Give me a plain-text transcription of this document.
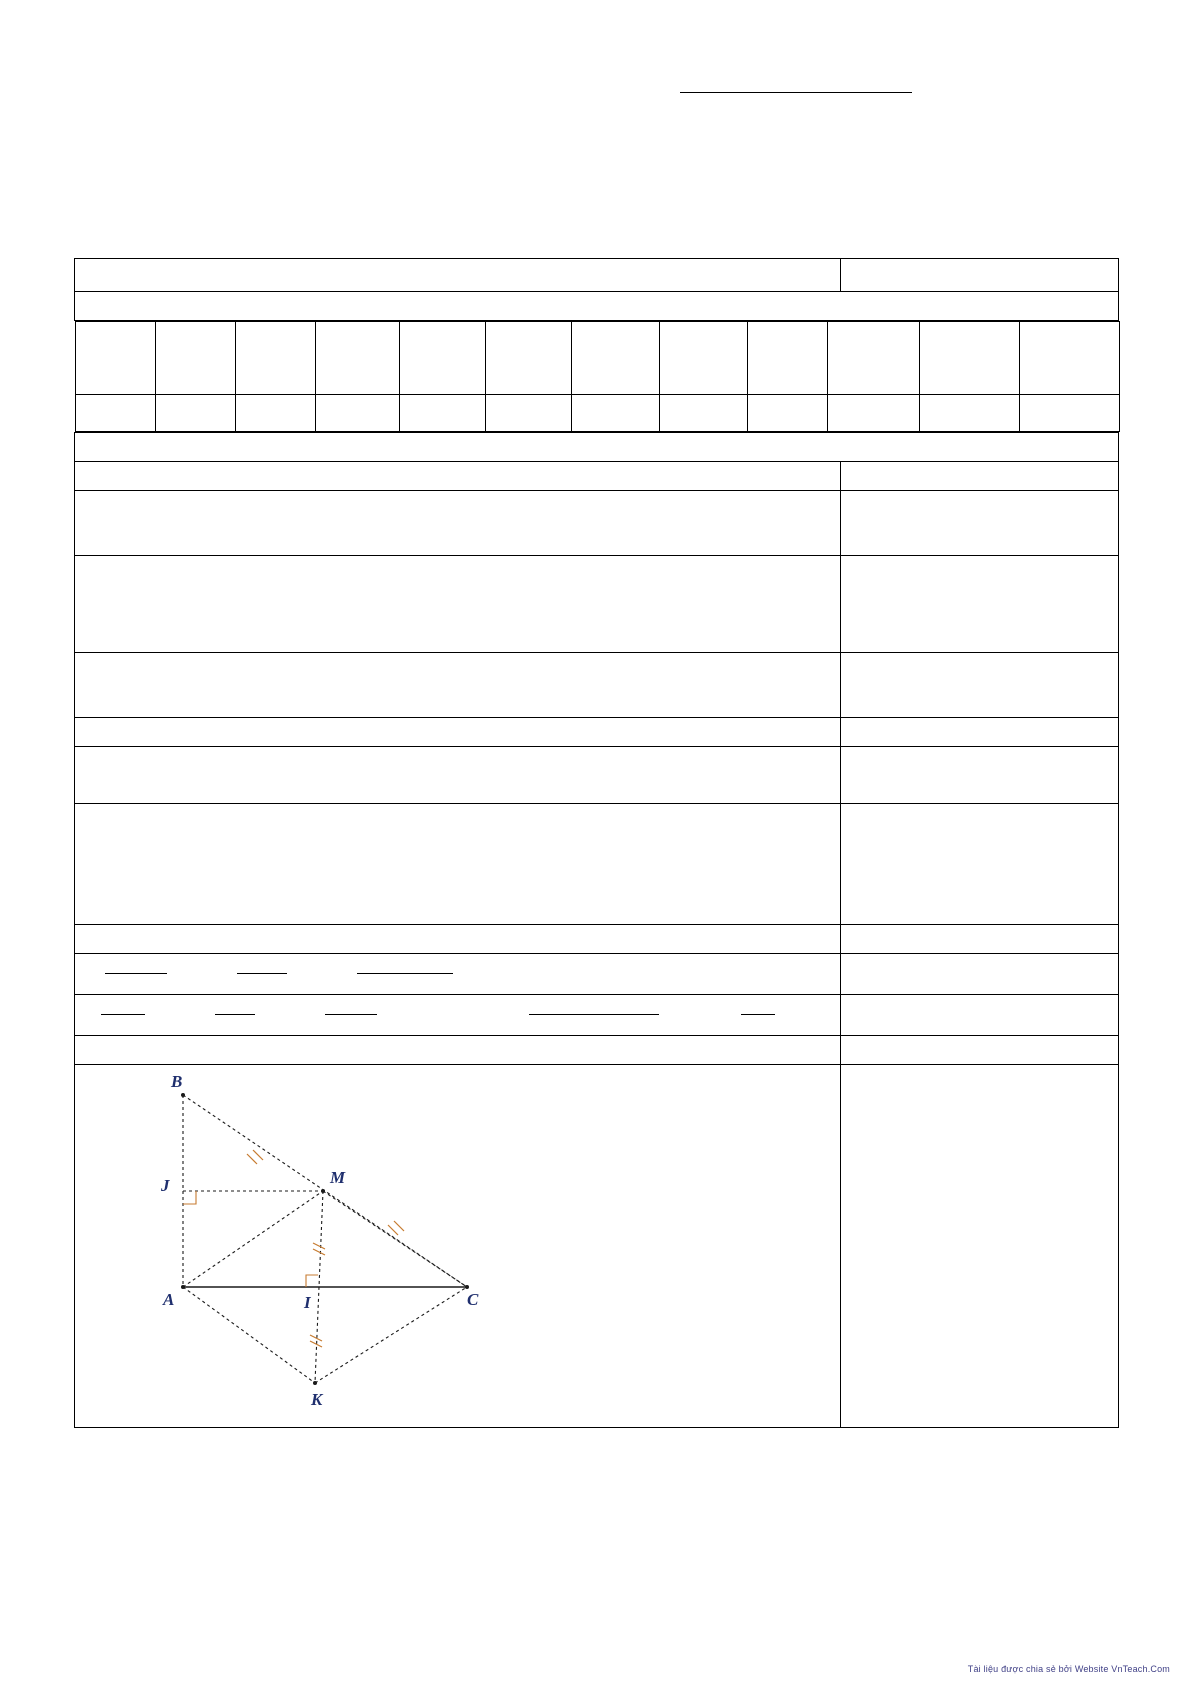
B
M
J
A	I	C
K

Tài liệu được chia sẻ bởi Website VnTeach.Com
